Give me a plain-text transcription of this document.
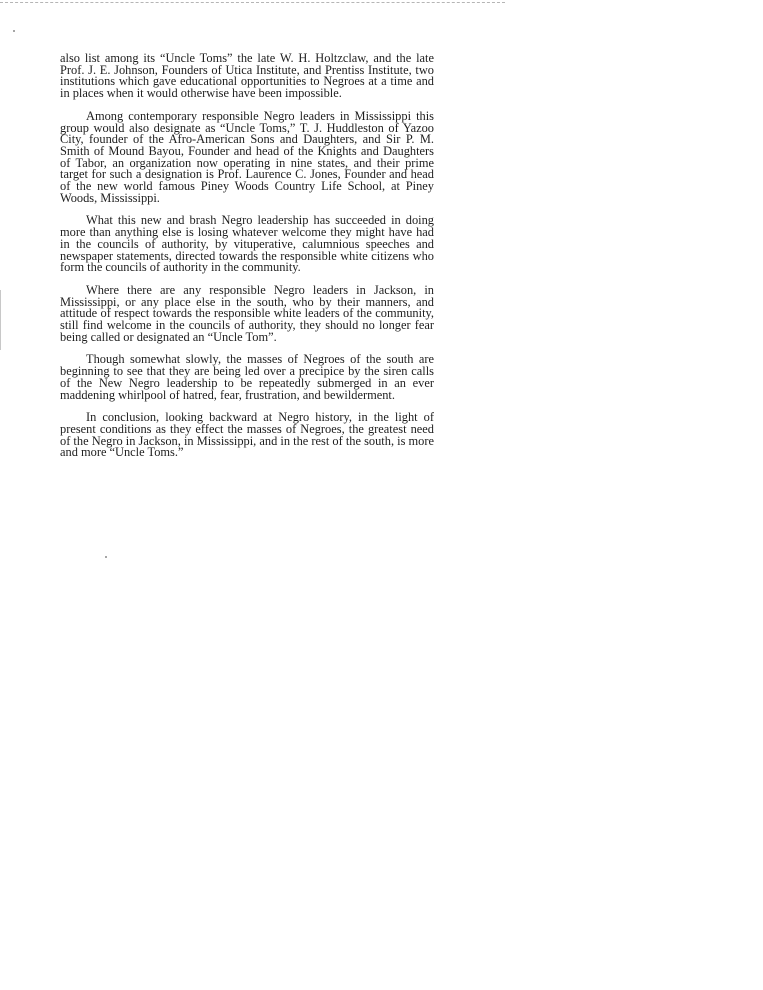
also list among its “Uncle Toms” the late W. H. Holtzclaw, and the late Prof. J. E. Johnson, Founders of Utica Institute, and Prentiss Institute, two institutions which gave educational opportunities to Negroes at a time and in places when it would otherwise have been impossible.

Among contemporary responsible Negro leaders in Mississippi this group would also designate as “Uncle Toms,” T. J. Huddleston of Yazoo City, founder of the Afro-American Sons and Daughters, and Sir P. M. Smith of Mound Bayou, Founder and head of the Knights and Daughters of Tabor, an organization now operating in nine states, and their prime target for such a designation is Prof. Laurence C. Jones, Founder and head of the new world famous Piney Woods Country Life School, at Piney Woods, Mississippi.

What this new and brash Negro leadership has succeeded in doing more than anything else is losing whatever welcome they might have had in the councils of authority, by vituperative, calumnious speeches and newspaper statements, directed towards the responsible white citizens who form the councils of authority in the community.

Where there are any responsible Negro leaders in Jackson, in Mississippi, or any place else in the south, who by their manners, and attitude of respect towards the responsible white leaders of the community, still find welcome in the councils of authority, they should no longer fear being called or designated an “Uncle Tom”.

Though somewhat slowly, the masses of Negroes of the south are beginning to see that they are being led over a precipice by the siren calls of the New Negro leadership to be repeatedly submerged in an ever maddening whirlpool of hatred, fear, frustration, and bewilderment.

In conclusion, looking backward at Negro history, in the light of present conditions as they effect the masses of Negroes, the greatest need of the Negro in Jackson, in Mississippi, and in the rest of the south, is more and more “Uncle Toms.”
